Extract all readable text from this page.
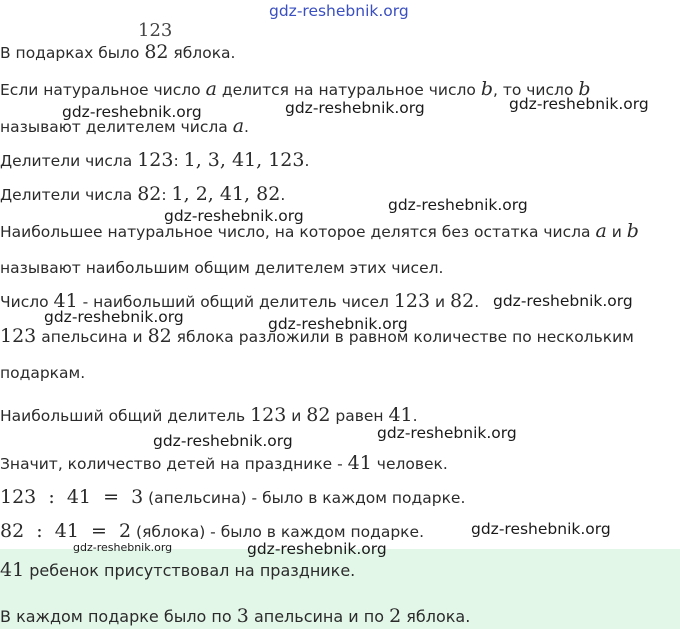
123
В подарках было 82 яблока.
Если натуральное число a делится на натуральное число b, то число b
называют делителем числа a.
Делители числа 123: 1, 3, 41, 123.
Делители числа 82: 1, 2, 41, 82.
Наибольшее натуральное число, на которое делятся без остатка числа a и b
называют наибольшим общим делителем этих чисел.
Число 41 - наибольший общий делитель чисел 123 и 82.
123 апельсина и 82 яблока разложили в равном количестве по нескольким
подаркам.
Наибольший общий делитель 123 и 82 равен 41.
Значит, количество детей на празднике - 41 человек.
123  :  41  =  3 (апельсина) - было в каждом подарке.
82  :  41  =  2 (яблока) - было в каждом подарке.
41 ребенок присутствовал на празднике.
В каждом подарке было по 3 апельсина и по 2 яблока.
gdz-reshebnik.org
gdz-reshebnik.org	gdz-reshebnik.org	gdz-reshebnik.org
gdz-reshebnik.org
gdz-reshebnik.org
gdz-reshebnik.org
gdz-reshebnik.org	gdz-reshebnik.org
gdz-reshebnik.org	gdz-reshebnik.org
gdz-reshebnik.org
gdz-reshebnik.org	gdz-reshebnik.org
